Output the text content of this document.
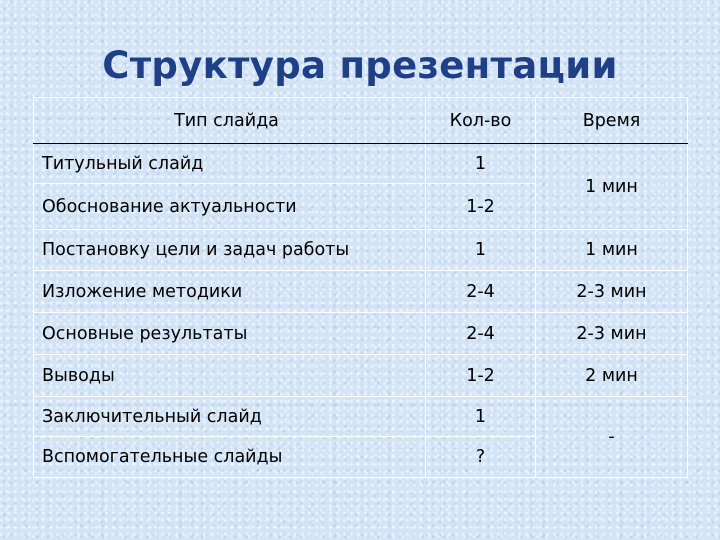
Структура презентации
Тип слайда	Кол-во	Время
Титульный слайд	1	1 мин
Обоснование актуальности	1-2	
Постановку цели и задач работы	1	1 мин
Изложение методики	2-4	2-3 мин
Основные результаты	2-4	2-3 мин
Выводы	1-2	2 мин
Заключительный слайд	1	-
Вспомогательные слайды	?	
